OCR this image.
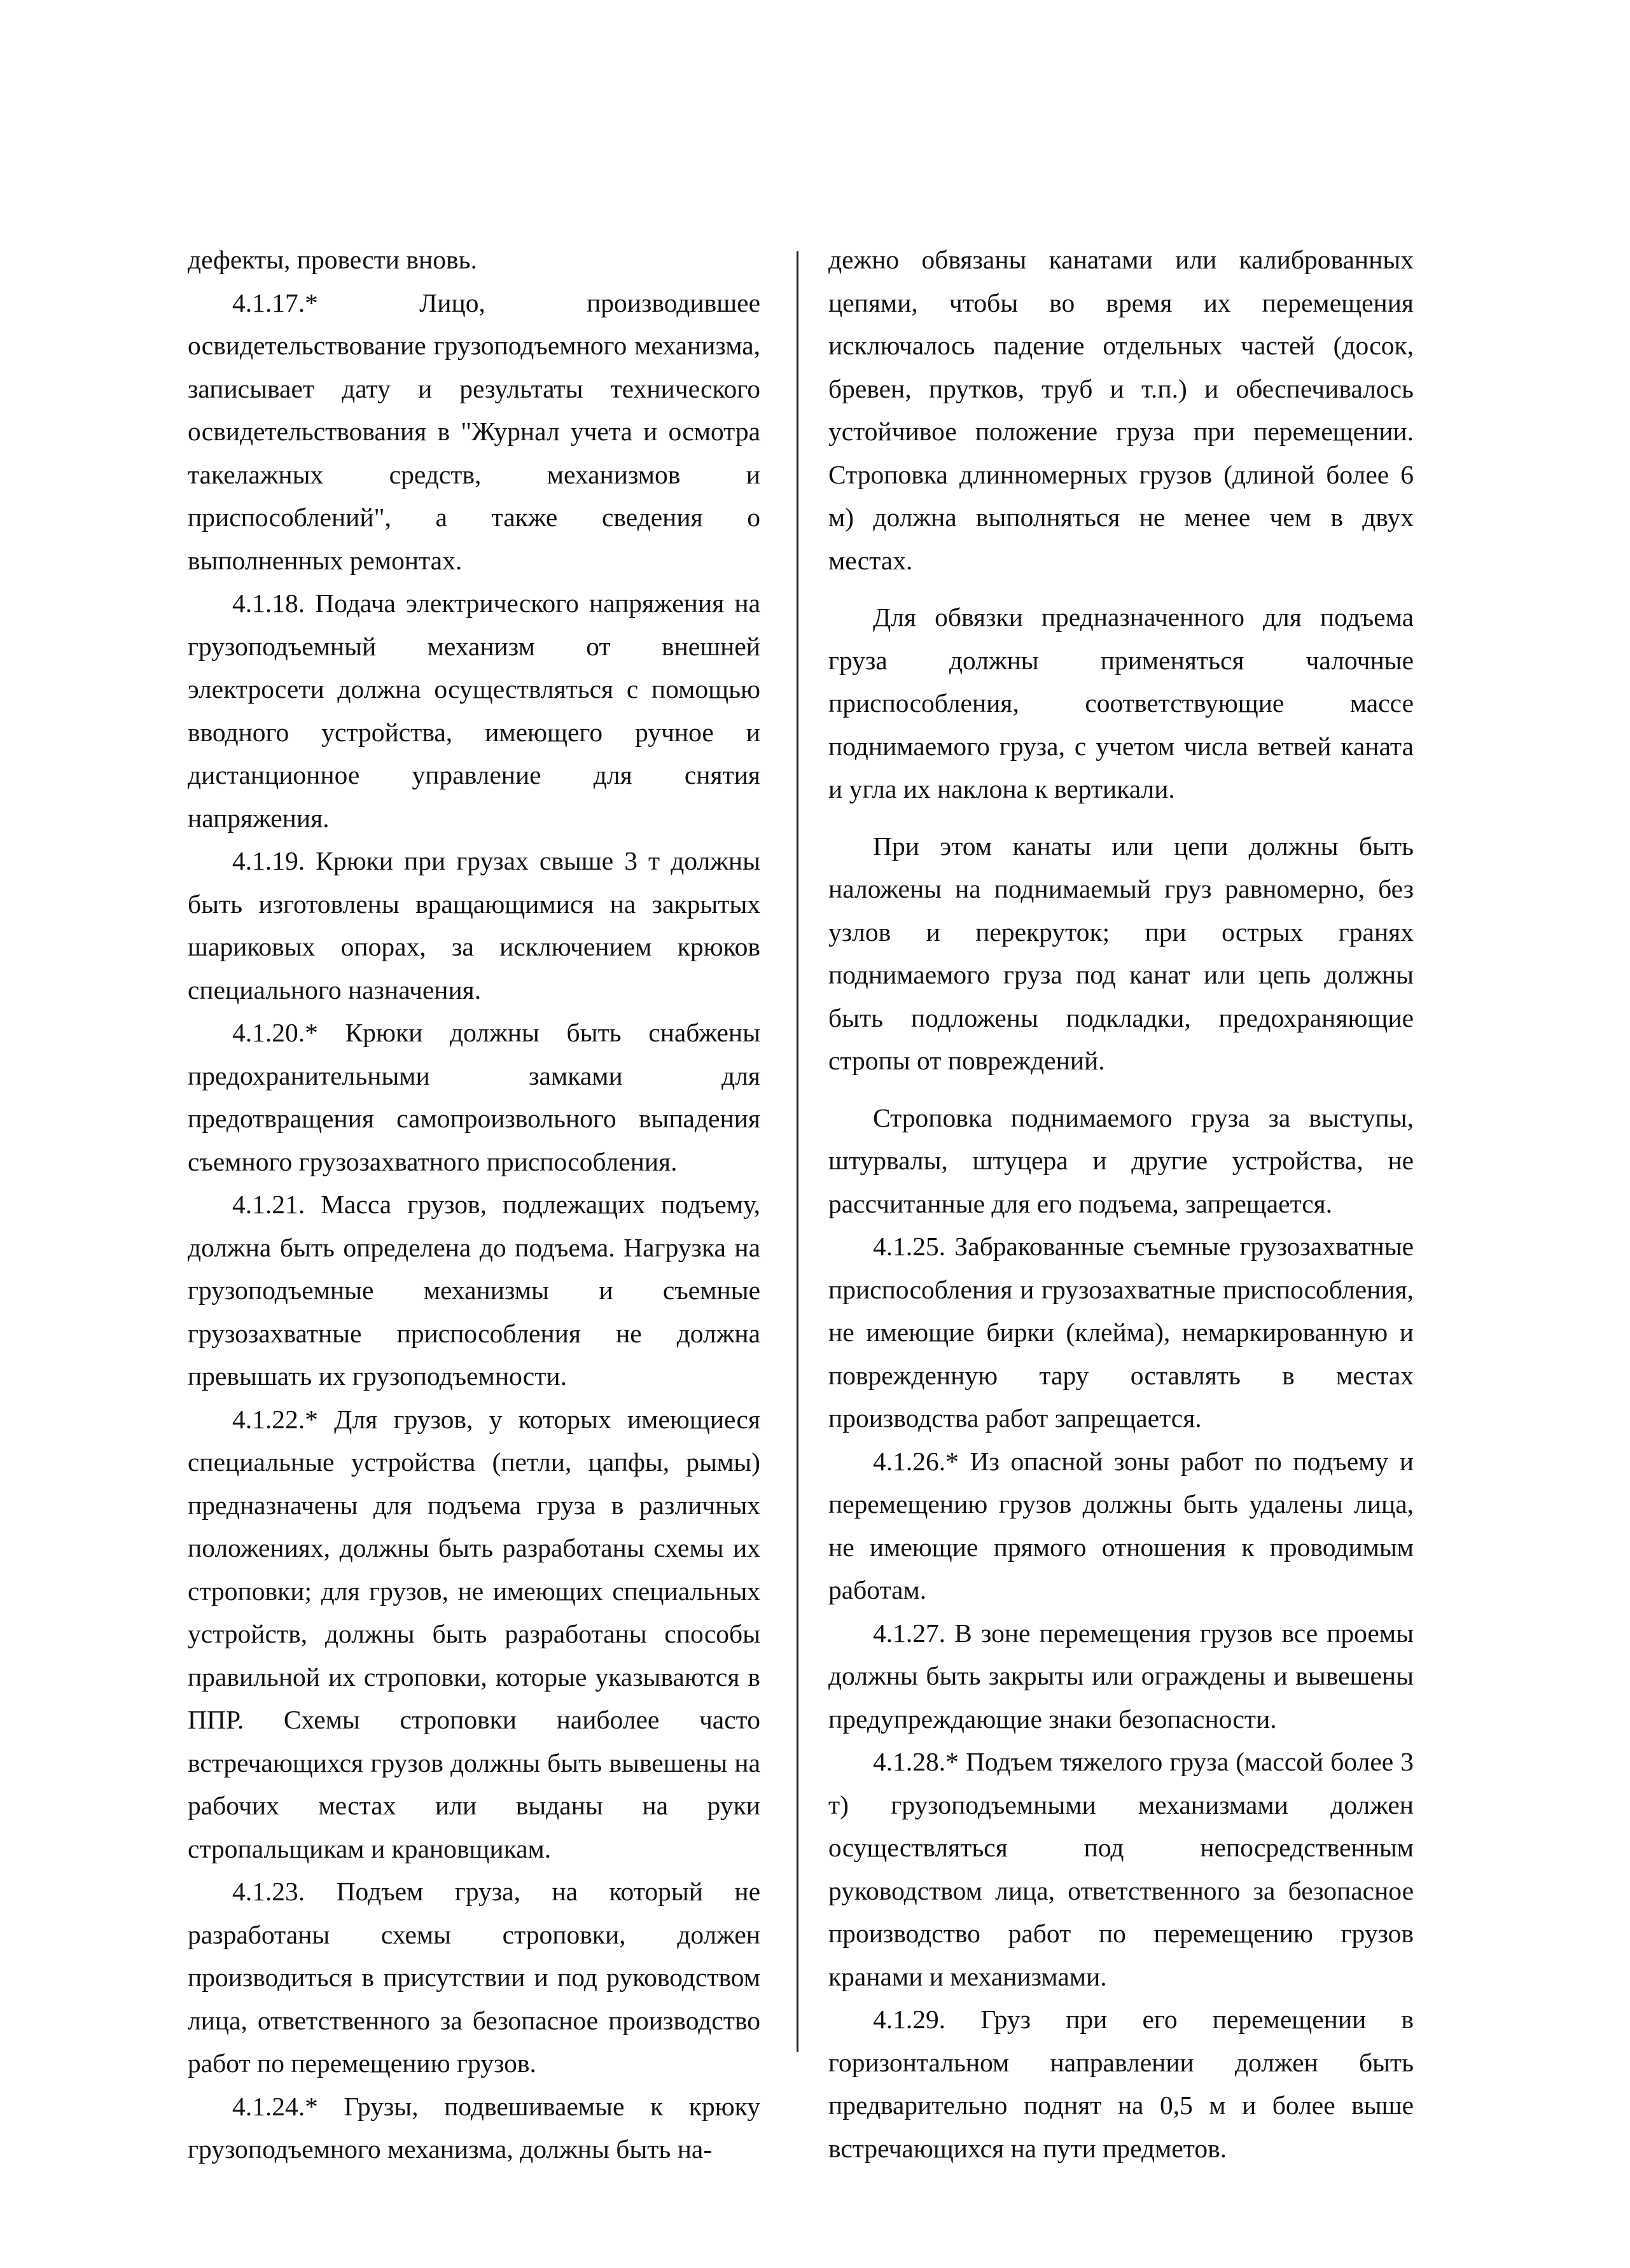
дефекты, провести вновь.

4.1.17.* Лицо, производившее освидетельствование грузоподъемного механизма, записывает дату и результаты технического освидетельствования в "Журнал учета и осмотра такелажных средств, механизмов и приспособлений", а также сведения о выполненных ремонтах.

4.1.18. Подача электрического напряжения на грузоподъемный механизм от внешней электросети должна осуществляться с помощью вводного устройства, имеющего ручное и дистанционное управление для снятия напряжения.

4.1.19. Крюки при грузах свыше 3 т должны быть изготовлены вращающимися на закрытых шариковых опорах, за исключением крюков специального назначения.

4.1.20.* Крюки должны быть снабжены предохранительными замками для предотвращения самопроизвольного выпадения съемного грузозахватного приспособления.

4.1.21. Масса грузов, подлежащих подъему, должна быть определена до подъема. Нагрузка на грузоподъемные механизмы и съемные грузозахватные приспособления не должна превышать их грузоподъемности.

4.1.22.* Для грузов, у которых имеющиеся специальные устройства (петли, цапфы, рымы) предназначены для подъема груза в различных положениях, должны быть разработаны схемы их строповки; для грузов, не имеющих специальных устройств, должны быть разработаны способы правильной их строповки, которые указываются в ППР. Схемы строповки наиболее часто встречающихся грузов должны быть вывешены на рабочих местах или выданы на руки стропальщикам и крановщикам.

4.1.23. Подъем груза, на который не разработаны схемы строповки, должен производиться в присутствии и под руководством лица, ответственного за безопасное производство работ по перемещению грузов.

4.1.24.* Грузы, подвешиваемые к крюку грузоподъемного механизма, должны быть на-

дежно обвязаны канатами или калиброванных цепями, чтобы во время их перемещения исключалось падение отдельных частей (досок, бревен, прутков, труб и т.п.) и обеспечивалось устойчивое положение груза при перемещении. Строповка длинномерных грузов (длиной более 6 м) должна выполняться не менее чем в двух местах.

Для обвязки предназначенного для подъема груза должны применяться чалочные приспособления, соответствующие массе поднимаемого груза, с учетом числа ветвей каната и угла их наклона к вертикали.

При этом канаты или цепи должны быть наложены на поднимаемый груз равномерно, без узлов и перекруток; при острых гранях поднимаемого груза под канат или цепь должны быть подложены подкладки, предохраняющие стропы от повреждений.

Строповка поднимаемого груза за выступы, штурвалы, штуцера и другие устройства, не рассчитанные для его подъема, запрещается.

4.1.25. Забракованные съемные грузозахватные приспособления и грузозахватные приспособления, не имеющие бирки (клейма), немаркированную и поврежденную тару оставлять в местах производства работ запрещается.

4.1.26.* Из опасной зоны работ по подъему и перемещению грузов должны быть удалены лица, не имеющие прямого отношения к проводимым работам.

4.1.27. В зоне перемещения грузов все проемы должны быть закрыты или ограждены и вывешены предупреждающие знаки безопасности.

4.1.28.* Подъем тяжелого груза (массой более 3 т) грузоподъемными механизмами должен осуществляться под непосредственным руководством лица, ответственного за безопасное производство работ по перемещению грузов кранами и механизмами.

4.1.29. Груз при его перемещении в горизонтальном направлении должен быть предварительно поднят на 0,5 м и более выше встречающихся на пути предметов.
